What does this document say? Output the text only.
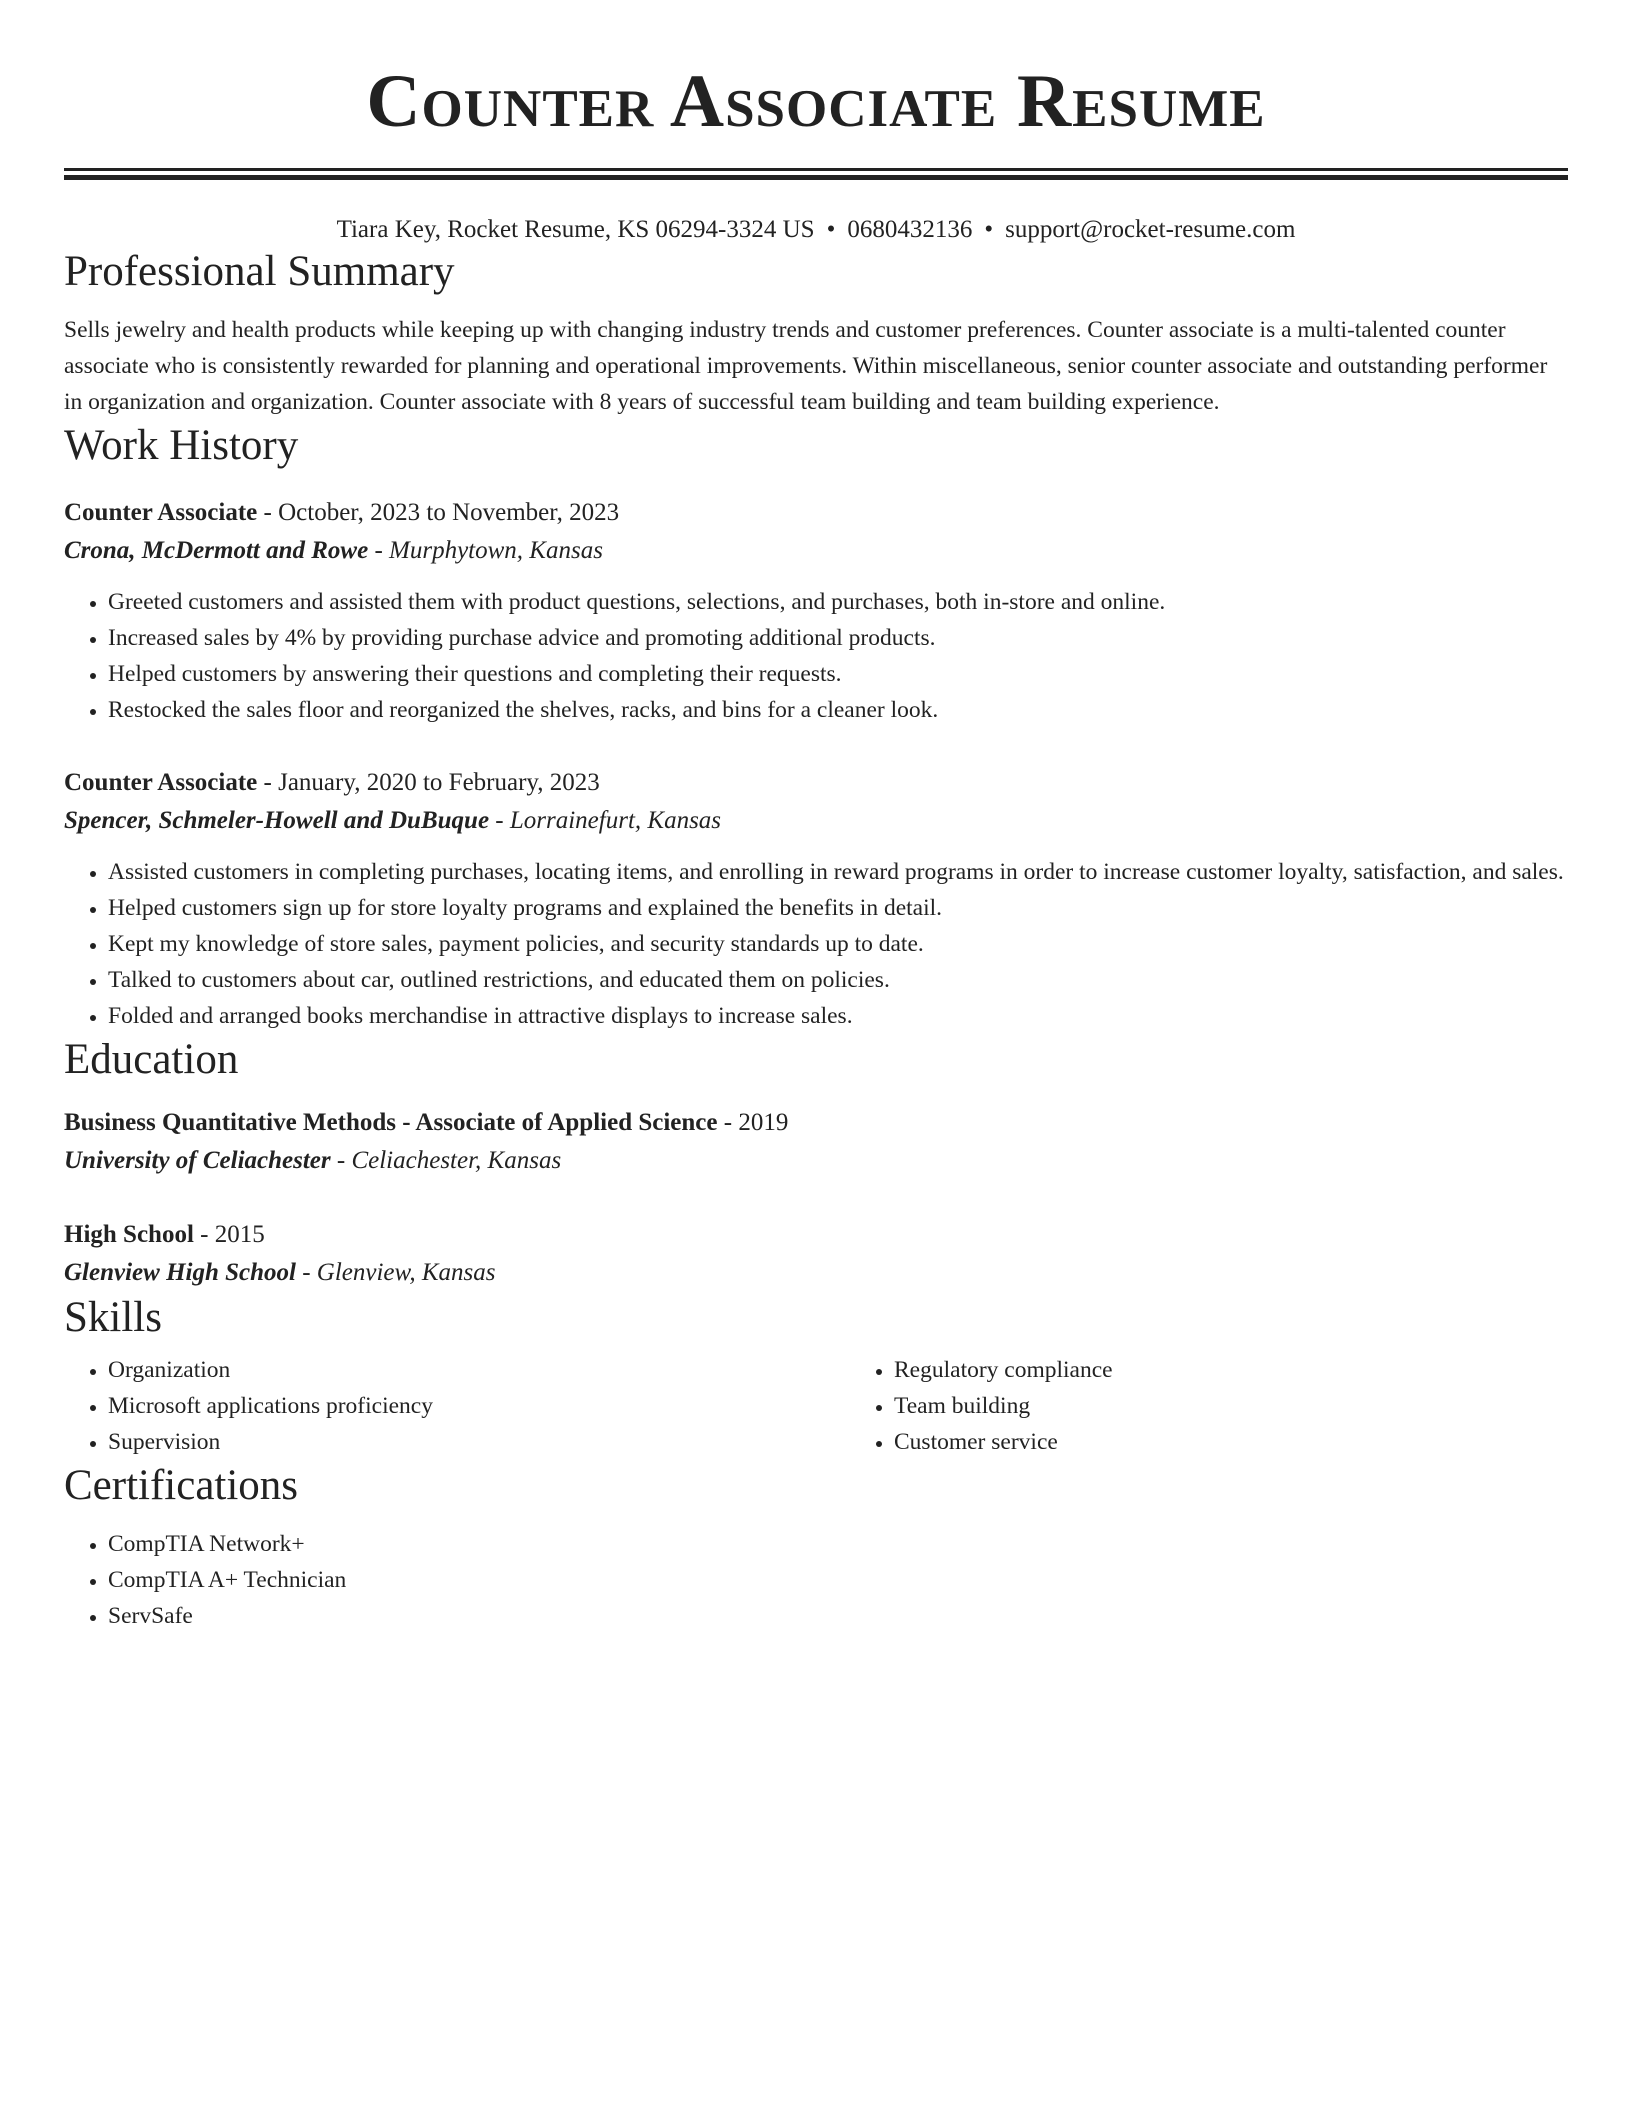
Counter Associate Resume
Tiara Key, Rocket Resume, KS 06294-3324 US • 0680432136 • support@rocket-resume.com
Professional Summary

Sells jewelry and health products while keeping up with changing industry trends and customer preferences. Counter associate is a multi-talented counter associate who is consistently rewarded for planning and operational improvements. Within miscellaneous, senior counter associate and outstanding performer in organization and organization. Counter associate with 8 years of successful team building and team building experience.

Work History
Counter Associate - October, 2023 to November, 2023
Crona, McDermott and Rowe - Murphytown, Kansas
• Greeted customers and assisted them with product questions, selections, and purchases, both in-store and online.
• Increased sales by 4% by providing purchase advice and promoting additional products.
• Helped customers by answering their questions and completing their requests.
• Restocked the sales floor and reorganized the shelves, racks, and bins for a cleaner look.
Counter Associate - January, 2020 to February, 2023
Spencer, Schmeler-Howell and DuBuque - Lorrainefurt, Kansas
• Assisted customers in completing purchases, locating items, and enrolling in reward programs in order to increase customer loyalty, satisfaction, and sales.
• Helped customers sign up for store loyalty programs and explained the benefits in detail.
• Kept my knowledge of store sales, payment policies, and security standards up to date.
• Talked to customers about car, outlined restrictions, and educated them on policies.
• Folded and arranged books merchandise in attractive displays to increase sales.
Education
Business Quantitative Methods - Associate of Applied Science - 2019
University of Celiachester - Celiachester, Kansas
High School - 2015
Glenview High School - Glenview, Kansas
Skills
• Organization
• Microsoft applications proficiency
• Supervision
• Regulatory compliance
• Team building
• Customer service
Certifications
• CompTIA Network+
• CompTIA A+ Technician
• ServSafe
